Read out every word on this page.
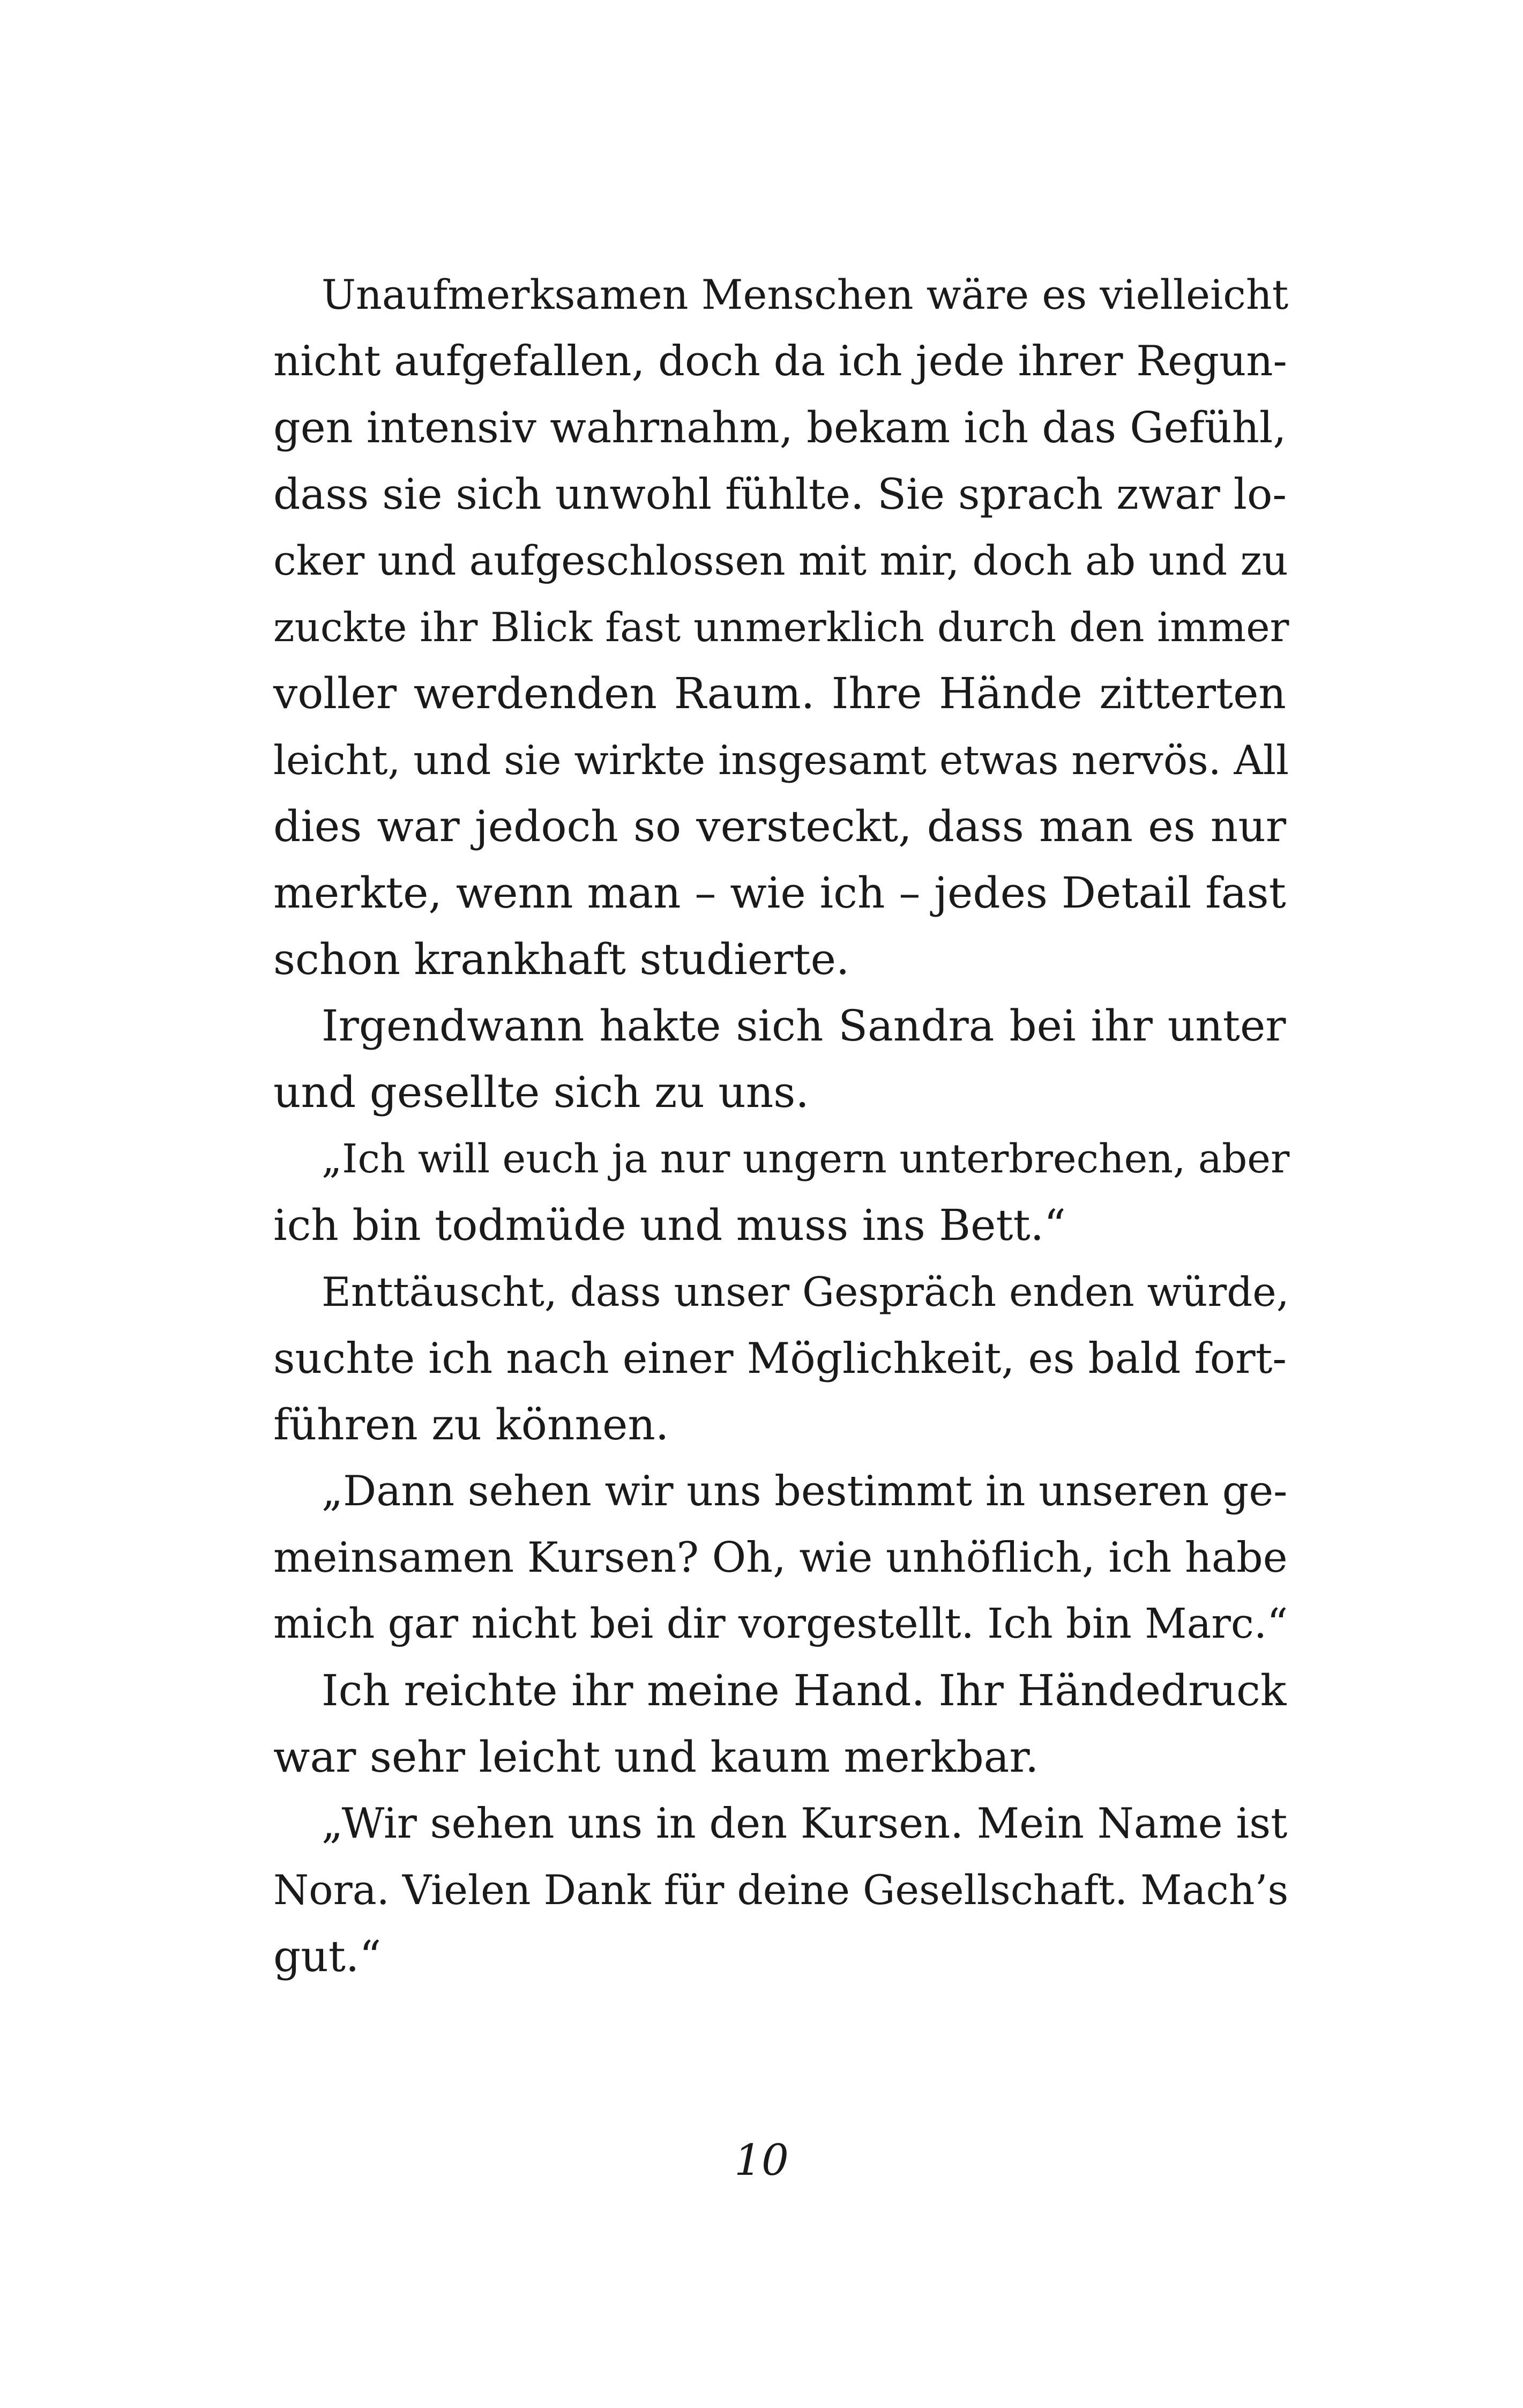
Unaufmerksamen Menschen wäre es vielleicht
nicht aufgefallen, doch da ich jede ihrer Regun-
gen intensiv wahrnahm, bekam ich das Gefühl,
dass sie sich unwohl fühlte. Sie sprach zwar lo-
cker und aufgeschlossen mit mir, doch ab und zu
zuckte ihr Blick fast unmerklich durch den immer
voller werdenden Raum. Ihre Hände zitterten
leicht, und sie wirkte insgesamt etwas nervös. All
dies war jedoch so versteckt, dass man es nur
merkte, wenn man – wie ich – jedes Detail fast
schon krankhaft studierte.

Irgendwann hakte sich Sandra bei ihr unter
und gesellte sich zu uns.

„Ich will euch ja nur ungern unterbrechen, aber
ich bin todmüde und muss ins Bett.“

Enttäuscht, dass unser Gespräch enden würde,
suchte ich nach einer Möglichkeit, es bald fort-
führen zu können.

„Dann sehen wir uns bestimmt in unseren ge-
meinsamen Kursen? Oh, wie unhöflich, ich habe
mich gar nicht bei dir vorgestellt. Ich bin Marc.“

Ich reichte ihr meine Hand. Ihr Händedruck
war sehr leicht und kaum merkbar.

„Wir sehen uns in den Kursen. Mein Name ist
Nora. Vielen Dank für deine Gesellschaft. Mach’s
gut.“

10
